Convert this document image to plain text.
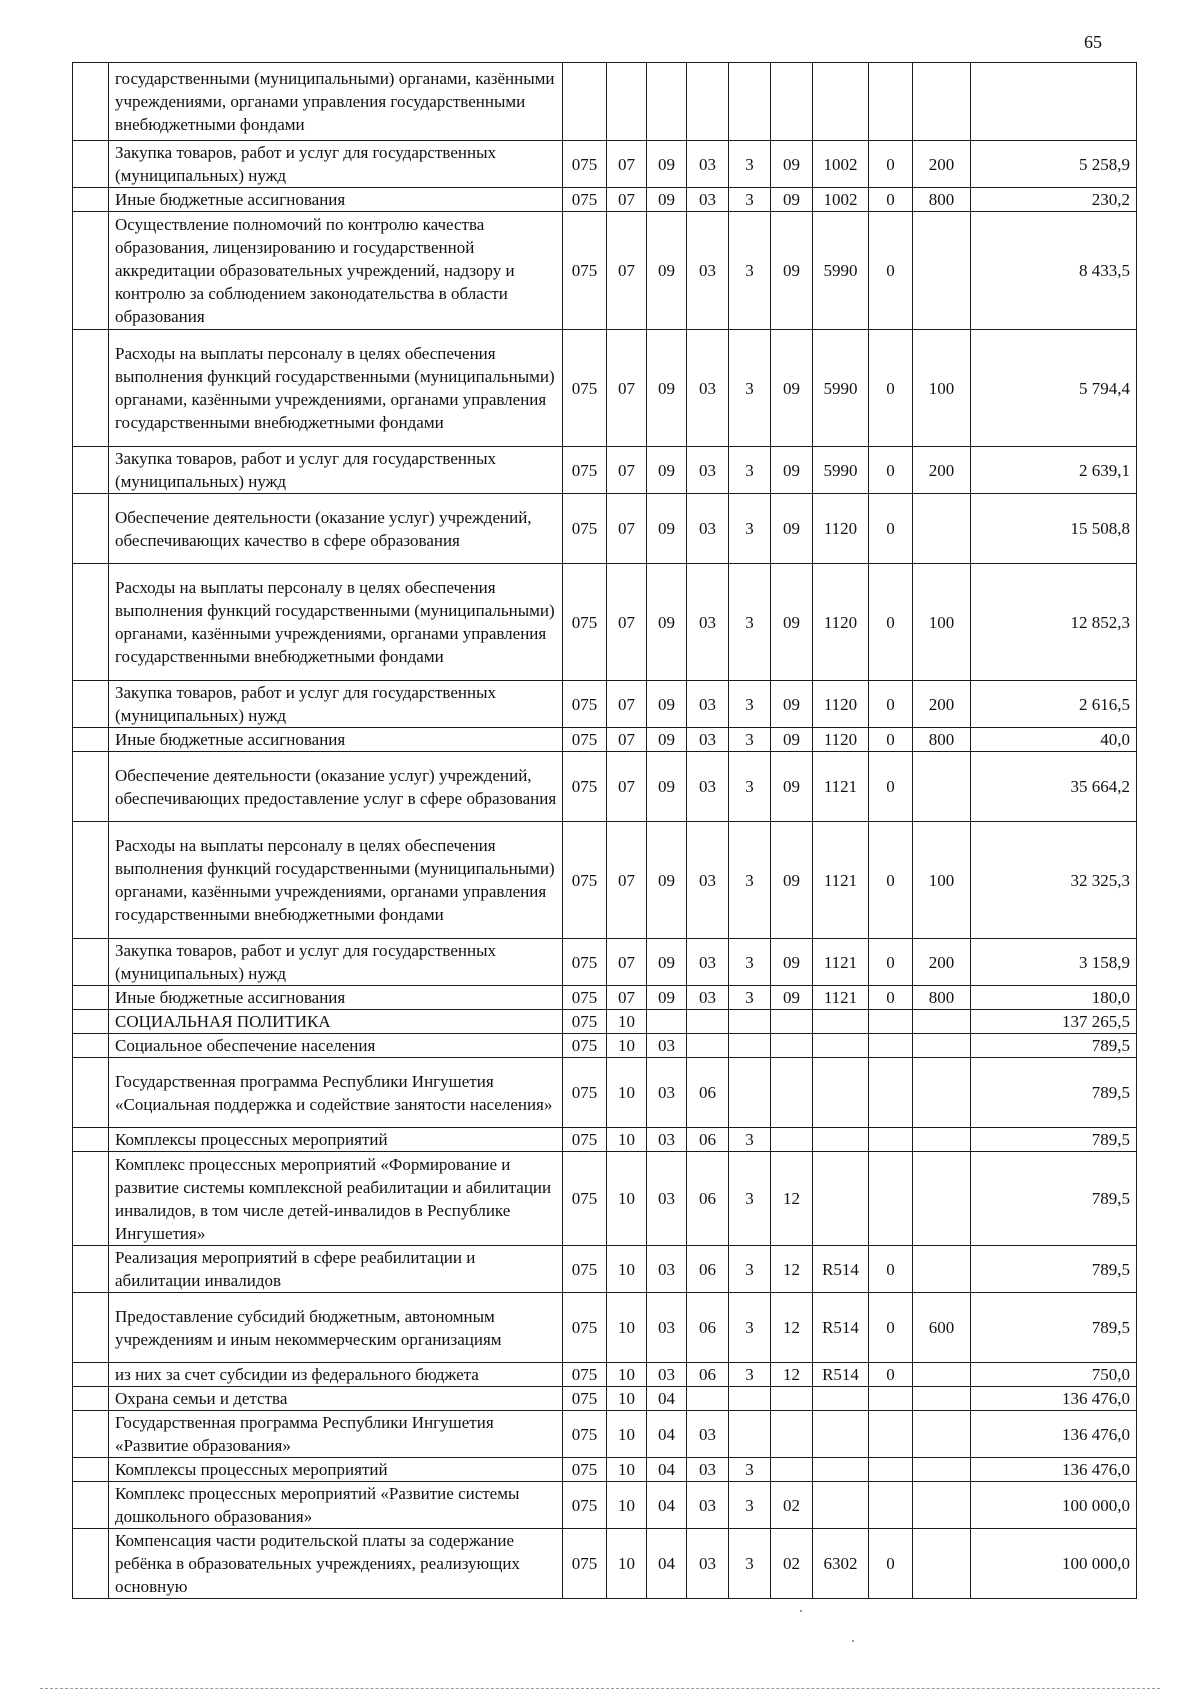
65
	государственными (муниципальными) органами, казёнными учреждениями, органами управления государственными внебюджетными фондами										
	Закупка товаров, работ и услуг для государственных (муниципальных) нужд	075	07	09	03	3	09	1002	0	200	5 258,9
	Иные бюджетные ассигнования	075	07	09	03	3	09	1002	0	800	230,2
	Осуществление полномочий по контролю качества образования, лицензированию и государственной аккредитации образовательных учреждений, надзору и контролю за соблюдением законодательства в области образования	075	07	09	03	3	09	5990	0		8 433,5
	Расходы на выплаты персоналу в целях обеспечения выполнения функций государственными (муниципальными) органами, казёнными учреждениями, органами управления государственными внебюджетными фондами	075	07	09	03	3	09	5990	0	100	5 794,4
	Закупка товаров, работ и услуг для государственных (муниципальных) нужд	075	07	09	03	3	09	5990	0	200	2 639,1
	Обеспечение деятельности (оказание услуг) учреждений, обеспечивающих качество в сфере образования	075	07	09	03	3	09	1120	0		15 508,8
	Расходы на выплаты персоналу в целях обеспечения выполнения функций государственными (муниципальными) органами, казёнными учреждениями, органами управления государственными внебюджетными фондами	075	07	09	03	3	09	1120	0	100	12 852,3
	Закупка товаров, работ и услуг для государственных (муниципальных) нужд	075	07	09	03	3	09	1120	0	200	2 616,5
	Иные бюджетные ассигнования	075	07	09	03	3	09	1120	0	800	40,0
	Обеспечение деятельности (оказание услуг) учреждений, обеспечивающих предоставление услуг в сфере образования	075	07	09	03	3	09	1121	0		35 664,2
	Расходы на выплаты персоналу в целях обеспечения выполнения функций государственными (муниципальными) органами, казёнными учреждениями, органами управления государственными внебюджетными фондами	075	07	09	03	3	09	1121	0	100	32 325,3
	Закупка товаров, работ и услуг для государственных (муниципальных) нужд	075	07	09	03	3	09	1121	0	200	3 158,9
	Иные бюджетные ассигнования	075	07	09	03	3	09	1121	0	800	180,0
	СОЦИАЛЬНАЯ ПОЛИТИКА	075	10								137 265,5
	Социальное обеспечение населения	075	10	03							789,5
	Государственная программа Республики Ингушетия «Социальная поддержка и содействие занятости населения»	075	10	03	06						789,5
	Комплексы процессных мероприятий	075	10	03	06	3					789,5
	Комплекс процессных мероприятий «Формирование и развитие системы комплексной реабилитации и абилитации инвалидов, в том числе детей-инвалидов в Республике Ингушетия»	075	10	03	06	3	12				789,5
	Реализация мероприятий в сфере реабилитации и абилитации инвалидов	075	10	03	06	3	12	R514	0		789,5
	Предоставление субсидий бюджетным, автономным учреждениям и иным некоммерческим организациям	075	10	03	06	3	12	R514	0	600	789,5
	из них за счет субсидии из федерального бюджета	075	10	03	06	3	12	R514	0		750,0
	Охрана семьи и детства	075	10	04							136 476,0
	Государственная программа Республики Ингушетия «Развитие образования»	075	10	04	03						136 476,0
	Комплексы процессных мероприятий	075	10	04	03	3					136 476,0
	Комплекс процессных мероприятий «Развитие системы дошкольного образования»	075	10	04	03	3	02				100 000,0
	Компенсация части родительской платы за содержание ребёнка в образовательных учреждениях, реализующих основную	075	10	04	03	3	02	6302	0		100 000,0
